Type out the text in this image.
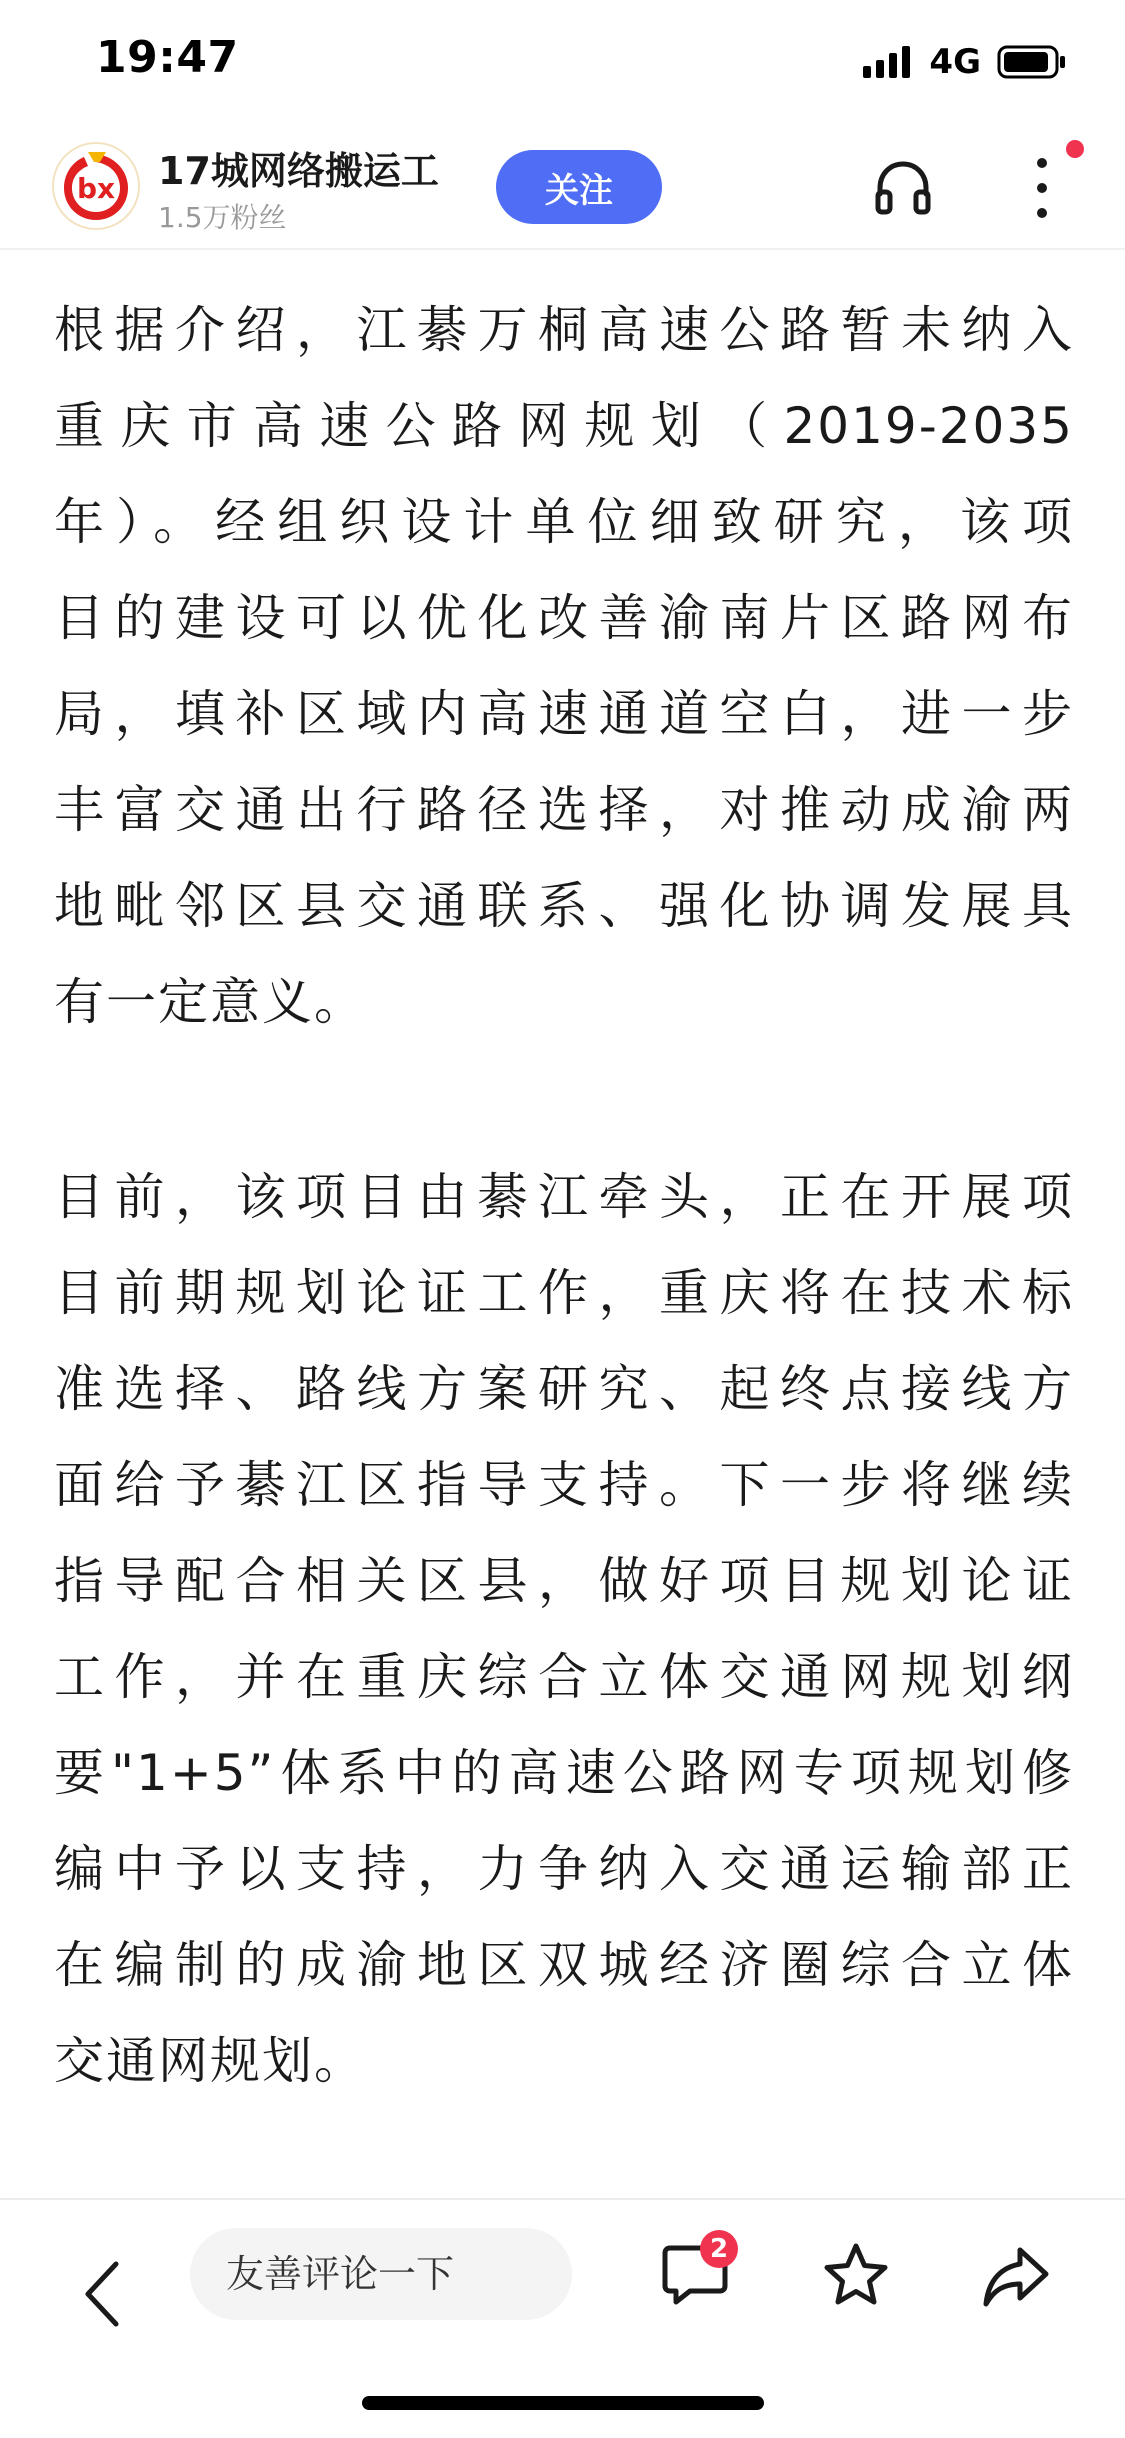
19:47	4G
bx 17城网络搬运工
1.5万粉丝
关注

根据介绍，江綦万桐高速公路暂未纳入
重庆市高速公路网规划（2019-2035
年）。经组织设计单位细致研究，该项
目的建设可以优化改善渝南片区路网布
局，填补区域内高速通道空白，进一步
丰富交通出行路径选择，对推动成渝两
地毗邻区县交通联系、强化协调发展具
有一定意义。

目前，该项目由綦江牵头，正在开展项
目前期规划论证工作，重庆将在技术标
准选择、路线方案研究、起终点接线方
面给予綦江区指导支持。下一步将继续
指导配合相关区县，做好项目规划论证
工作，并在重庆综合立体交通网规划纲
要"1+5”体系中的高速公路网专项规划修
编中予以支持，力争纳入交通运输部正
在编制的成渝地区双城经济圈综合立体
交通网规划。

友善评论一下
2
